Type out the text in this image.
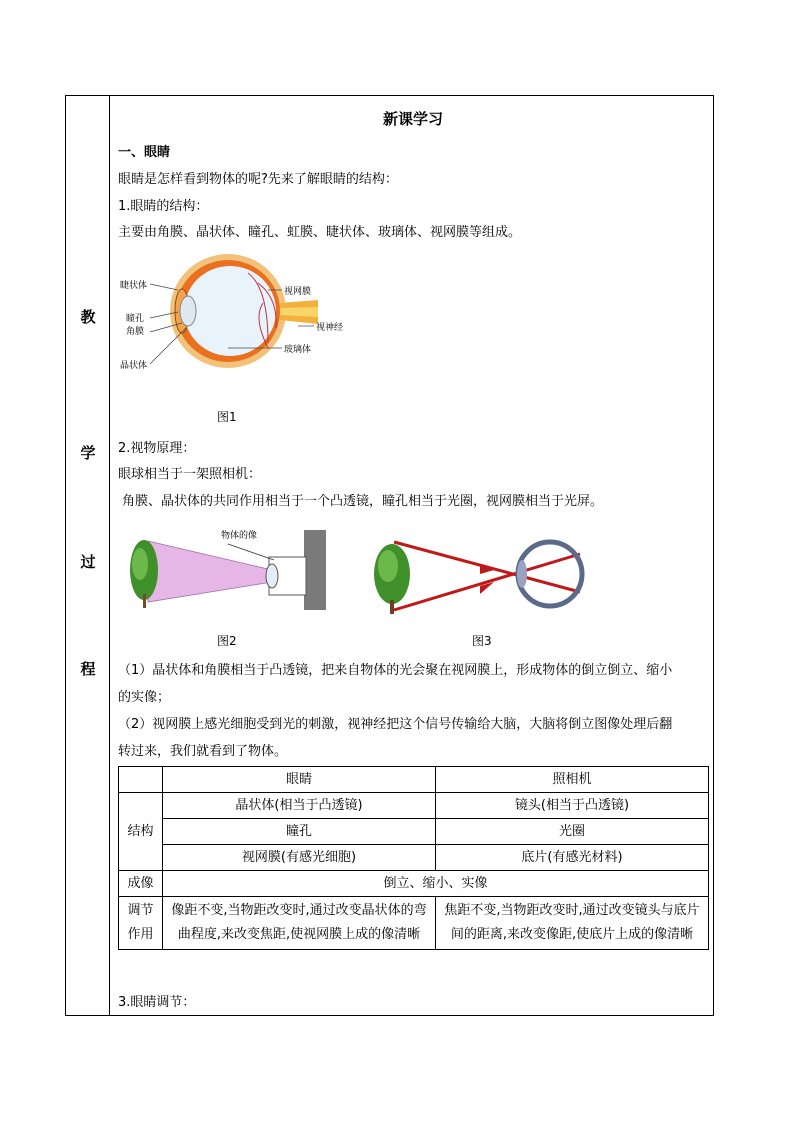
教
学
过
程
新课学习
一、眼睛
眼睛是怎样看到物体的呢?先来了解眼睛的结构：
1.眼睛的结构：
主要由角膜、晶状体、瞳孔、虹膜、睫状体、玻璃体、视网膜等组成。
睫状体
瞳孔
角膜
晶状体
视网膜
视神经
玻璃体
图1
2.视物原理：
眼球相当于一架照相机：
角膜、晶状体的共同作用相当于一个凸透镜，瞳孔相当于光圈，视网膜相当于光屏。
物体的像
图2	图3
（1）晶状体和角膜相当于凸透镜，把来自物体的光会聚在视网膜上，形成物体的倒立倒立、缩小
的实像；
（2）视网膜上感光细胞受到光的刺激，视神经把这个信号传输给大脑，大脑将倒立图像处理后翻
转过来，我们就看到了物体。
	眼睛	照相机
结构	晶状体(相当于凸透镜)	镜头(相当于凸透镜)
	瞳孔	光圈
	视网膜(有感光细胞)	底片(有感光材料)
成像	倒立、缩小、实像	
调节
作用	像距不变,当物距改变时,通过改变晶状体的弯曲程度,来改变焦距,使视网膜上成的像清晰	焦距不变,当物距改变时,通过改变镜头与底片间的距离,来改变像距,使底片上成的像清晰
3.眼睛调节：
